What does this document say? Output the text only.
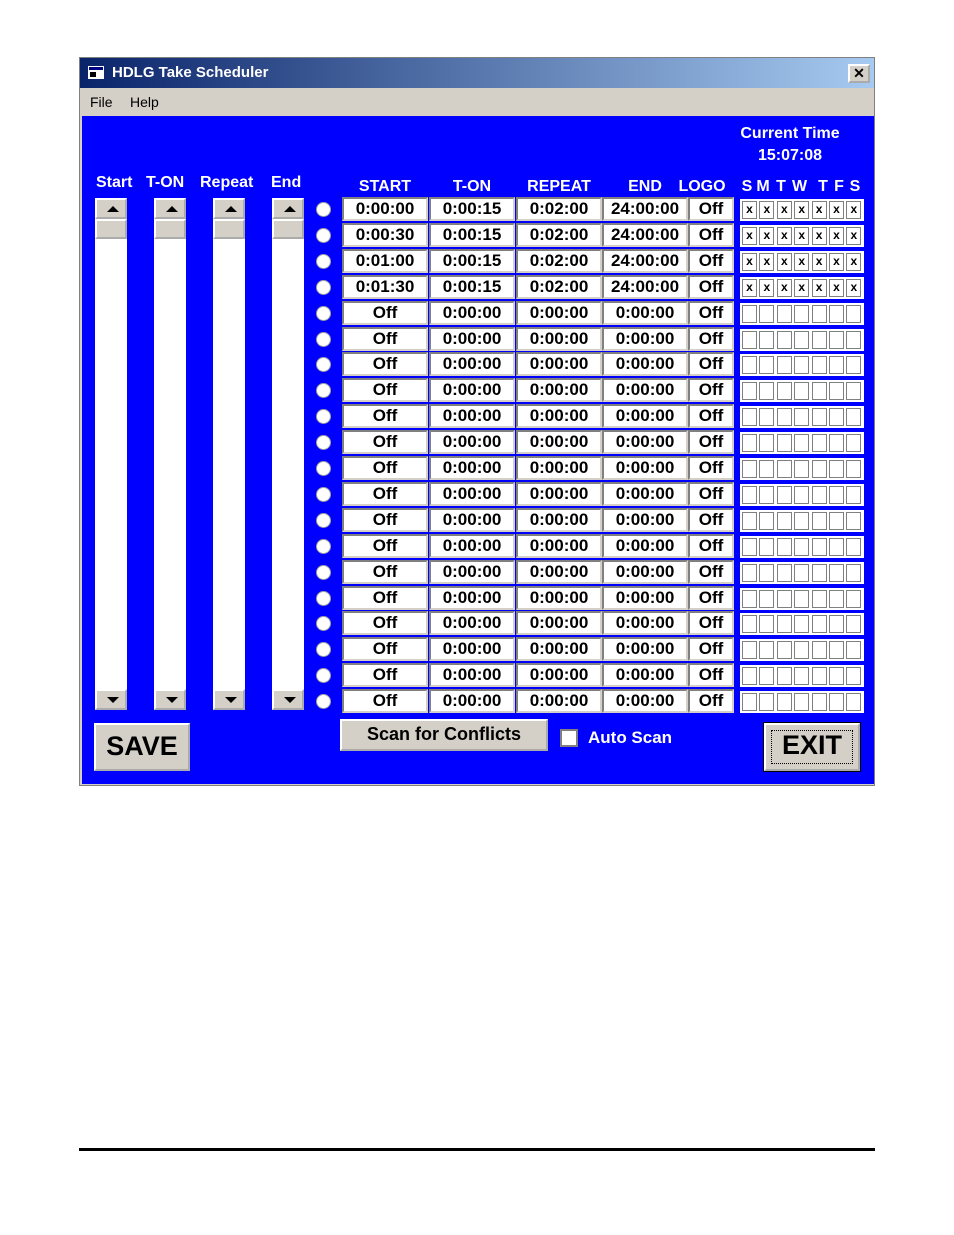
HDLG Take Scheduler	✕
File Help
Current Time
15:07:08
Start T-ON Repeat End	START	T-ON	REPEAT	END	LOGO S M T W T F S
0:00:00	0:00:15	0:02:00	24:00:00	Off	x x x x x x x
0:00:30	0:00:15	0:02:00	24:00:00	Off	x x x x x x x
0:01:00	0:00:15	0:02:00	24:00:00	Off	x x x x x x x
0:01:30	0:00:15	0:02:00	24:00:00	Off	x x x x x x x
Off	0:00:00	0:00:00	0:00:00	Off
Off	0:00:00	0:00:00	0:00:00	Off
Off	0:00:00	0:00:00	0:00:00	Off
Off	0:00:00	0:00:00	0:00:00	Off
Off	0:00:00	0:00:00	0:00:00	Off
Off	0:00:00	0:00:00	0:00:00	Off
Off	0:00:00	0:00:00	0:00:00	Off
Off	0:00:00	0:00:00	0:00:00	Off
Off	0:00:00	0:00:00	0:00:00	Off
Off	0:00:00	0:00:00	0:00:00	Off
Off	0:00:00	0:00:00	0:00:00	Off
Off	0:00:00	0:00:00	0:00:00	Off
Off	0:00:00	0:00:00	0:00:00	Off
Off	0:00:00	0:00:00	0:00:00	Off
Off	0:00:00	0:00:00	0:00:00	Off
Off	0:00:00	0:00:00	0:00:00	Off
SAVE	Scan for Conflicts	Auto Scan	EXIT
